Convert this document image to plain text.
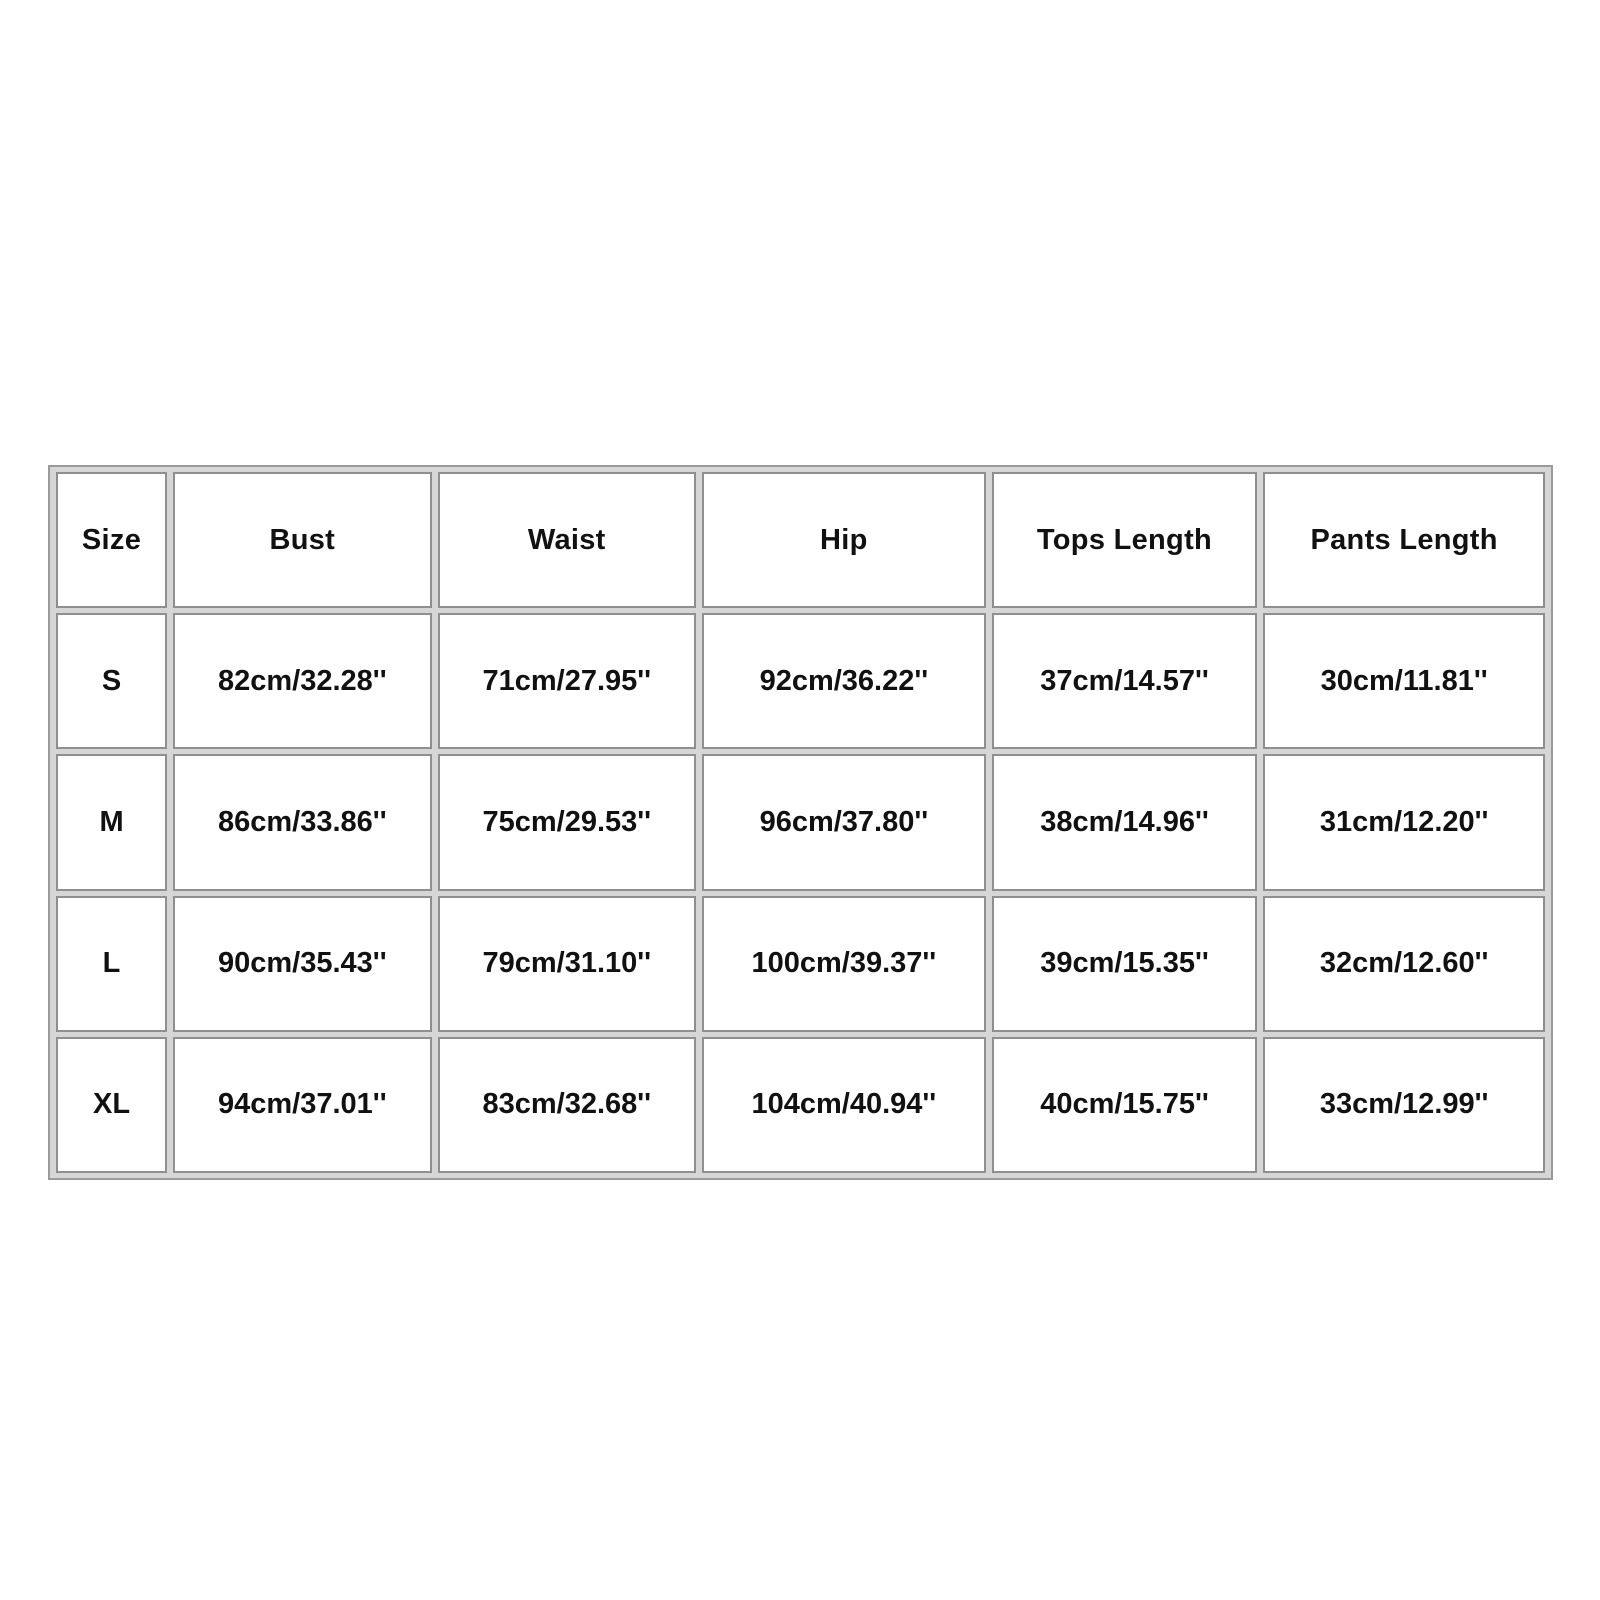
Size	Bust	Waist	Hip	Tops Length	Pants Length
S	82cm/32.28''	71cm/27.95''	92cm/36.22''	37cm/14.57''	30cm/11.81''
M	86cm/33.86''	75cm/29.53''	96cm/37.80''	38cm/14.96''	31cm/12.20''
L	90cm/35.43''	79cm/31.10''	100cm/39.37''	39cm/15.35''	32cm/12.60''
XL	94cm/37.01''	83cm/32.68''	104cm/40.94''	40cm/15.75''	33cm/12.99''
